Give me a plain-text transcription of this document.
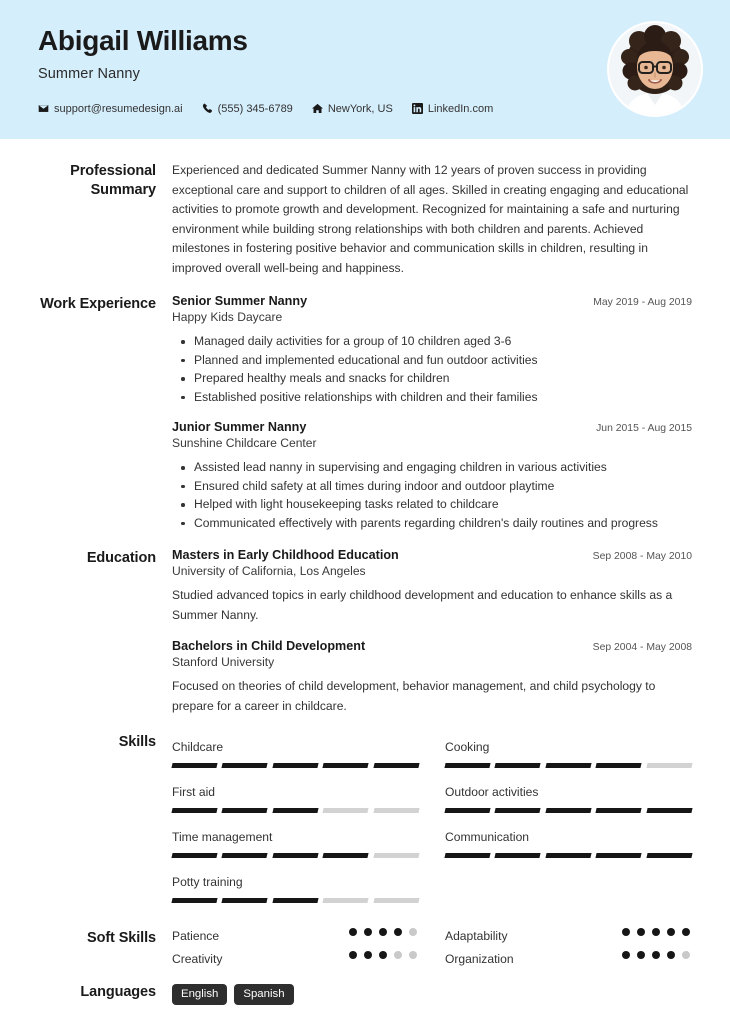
Abigail Williams
Summer Nanny
support@resumedesign.ai	(555) 345-6789	NewYork, US	LinkedIn.com
Professional Summary
Experienced and dedicated Summer Nanny with 12 years of proven success in providing exceptional care and support to children of all ages. Skilled in creating engaging and educational activities to promote growth and development. Recognized for maintaining a safe and nurturing environment while building strong relationships with both children and parents. Achieved milestones in fostering positive behavior and communication skills in children, resulting in improved overall well-being and happiness.
Work Experience	Senior Summer Nanny	May 2019 - Aug 2019
Happy Kids Daycare
Managed daily activities for a group of 10 children aged 3-6
Planned and implemented educational and fun outdoor activities
Prepared healthy meals and snacks for children
Established positive relationships with children and their families
Junior Summer Nanny	Jun 2015 - Aug 2015
Sunshine Childcare Center
Assisted lead nanny in supervising and engaging children in various activities
Ensured child safety at all times during indoor and outdoor playtime
Helped with light housekeeping tasks related to childcare
Communicated effectively with parents regarding children's daily routines and progress
Education	Masters in Early Childhood Education	Sep 2008 - May 2010
University of California, Los Angeles
Studied advanced topics in early childhood development and education to enhance skills as a Summer Nanny.
Bachelors in Child Development	Sep 2004 - May 2008
Stanford University
Focused on theories of child development, behavior management, and child psychology to prepare for a career in childcare.
Skills	Childcare	Cooking
First aid	Outdoor activities
Time management	Communication
Potty training
Soft Skills	Patience	Adaptability
Creativity	Organization
Languages	English	Spanish
